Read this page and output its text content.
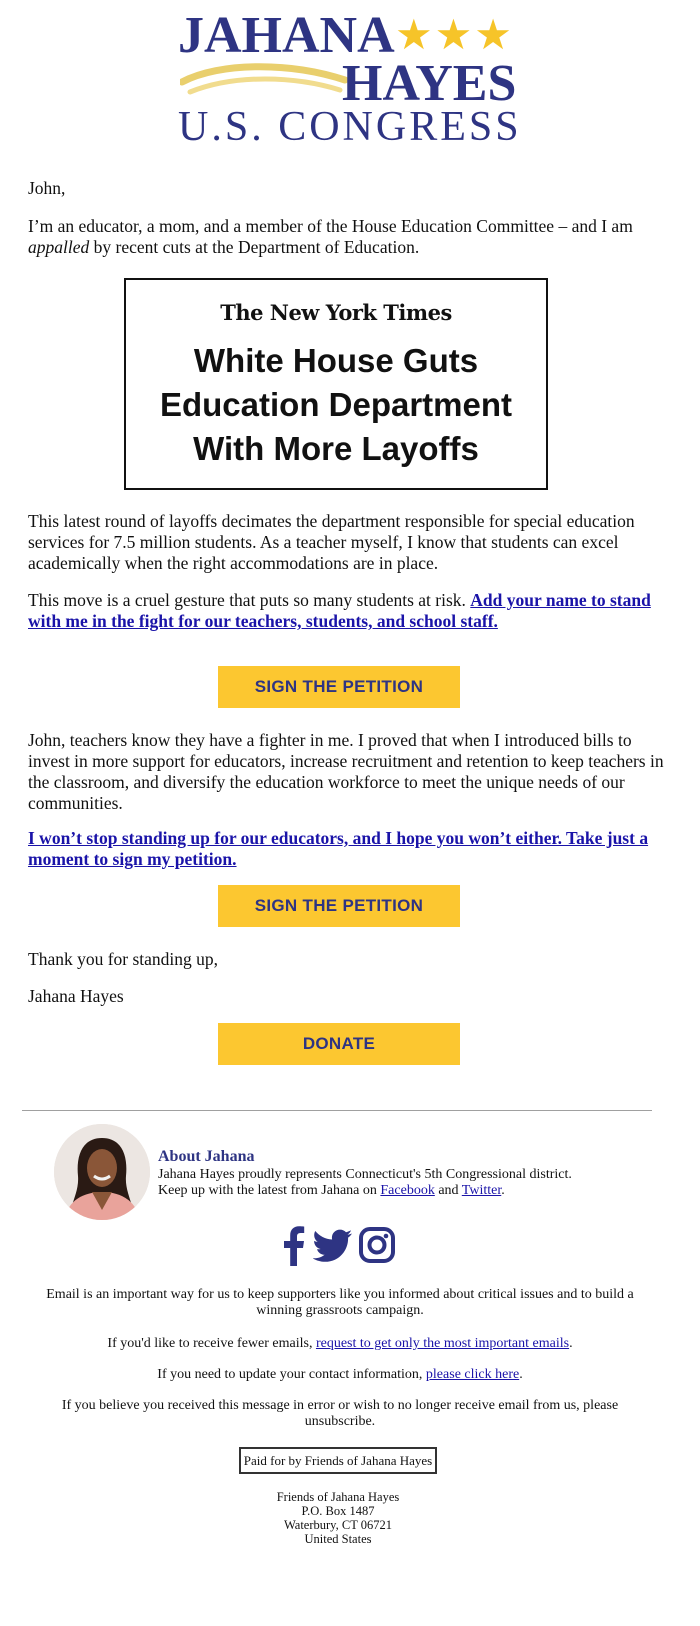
JAHANA ★★★
HAYES
U.S. CONGRESS

John,

I’m an educator, a mom, and a member of the House Education Committee – and I am appalled by recent cuts at the Department of Education.

The New York Times
White House Guts Education Department With More Layoffs

This latest round of layoffs decimates the department responsible for special education services for 7.5 million students. As a teacher myself, I know that students can excel academically when the right accommodations are in place.

This move is a cruel gesture that puts so many students at risk. Add your name to stand with me in the fight for our teachers, students, and school staff.

SIGN THE PETITION

John, teachers know they have a fighter in me. I proved that when I introduced bills to invest in more support for educators, increase recruitment and retention to keep teachers in the classroom, and diversify the education workforce to meet the unique needs of our communities.

I won’t stop standing up for our educators, and I hope you won’t either. Take just a moment to sign my petition.

SIGN THE PETITION

Thank you for standing up,

Jahana Hayes

DONATE
About Jahana
Jahana Hayes proudly represents Connecticut's 5th Congressional district.
Keep up with the latest from Jahana on Facebook and Twitter.
Email is an important way for us to keep supporters like you informed about critical issues and to build a winning grassroots campaign.
If you'd like to receive fewer emails, request to get only the most important emails.
If you need to update your contact information, please click here.
If you believe you received this message in error or wish to no longer receive email from us, please unsubscribe.
Paid for by Friends of Jahana Hayes
Friends of Jahana Hayes
P.O. Box 1487
Waterbury, CT 06721
United States
